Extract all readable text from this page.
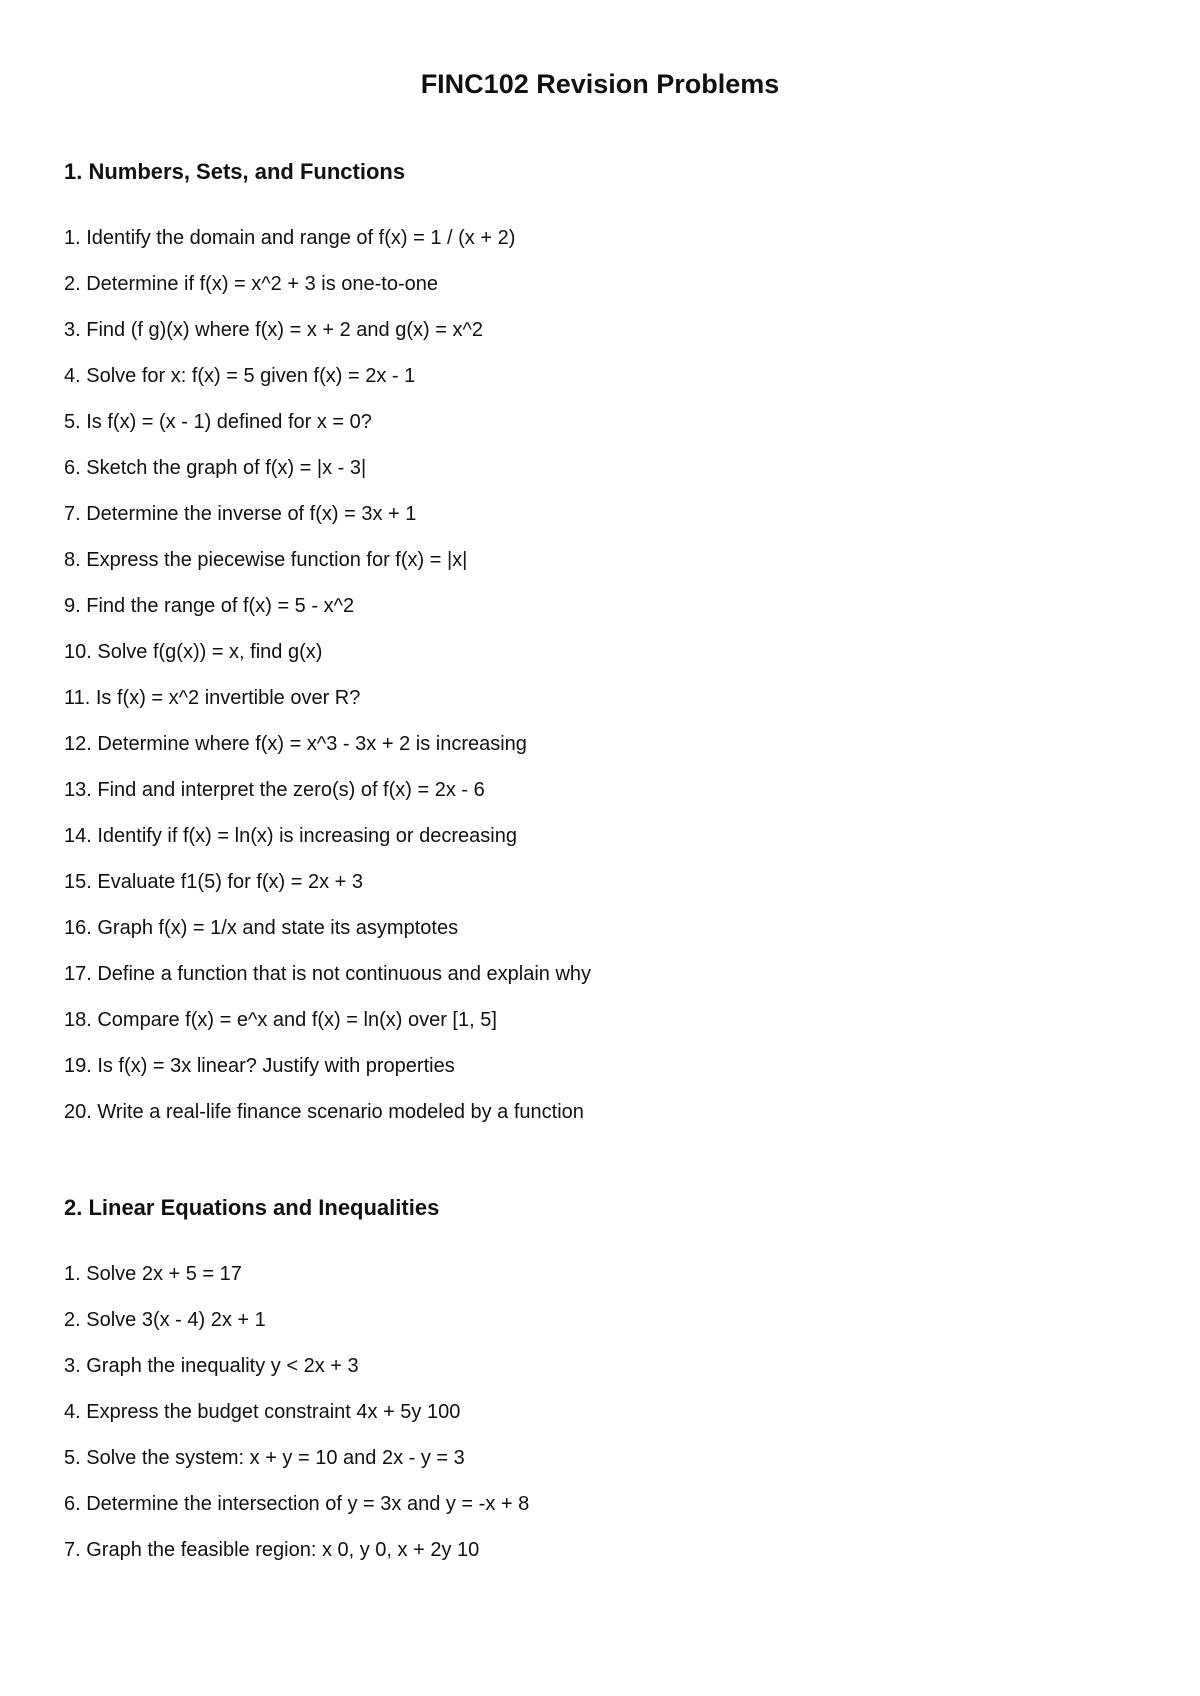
FINC102 Revision Problems
1. Numbers, Sets, and Functions
1. Identify the domain and range of f(x) = 1 / (x + 2)
2. Determine if f(x) = x^2 + 3 is one-to-one
3. Find (f g)(x) where f(x) = x + 2 and g(x) = x^2
4. Solve for x: f(x) = 5 given f(x) = 2x - 1
5. Is f(x) = (x - 1) defined for x = 0?
6. Sketch the graph of f(x) = |x - 3|
7. Determine the inverse of f(x) = 3x + 1
8. Express the piecewise function for f(x) = |x|
9. Find the range of f(x) = 5 - x^2
10. Solve f(g(x)) = x, find g(x)
11. Is f(x) = x^2 invertible over R?
12. Determine where f(x) = x^3 - 3x + 2 is increasing
13. Find and interpret the zero(s) of f(x) = 2x - 6
14. Identify if f(x) = ln(x) is increasing or decreasing
15. Evaluate f1(5) for f(x) = 2x + 3
16. Graph f(x) = 1/x and state its asymptotes
17. Define a function that is not continuous and explain why
18. Compare f(x) = e^x and f(x) = ln(x) over [1, 5]
19. Is f(x) = 3x linear? Justify with properties
20. Write a real-life finance scenario modeled by a function
2. Linear Equations and Inequalities
1. Solve 2x + 5 = 17
2. Solve 3(x - 4) 2x + 1
3. Graph the inequality y < 2x + 3
4. Express the budget constraint 4x + 5y 100
5. Solve the system: x + y = 10 and 2x - y = 3
6. Determine the intersection of y = 3x and y = -x + 8
7. Graph the feasible region: x 0, y 0, x + 2y 10
